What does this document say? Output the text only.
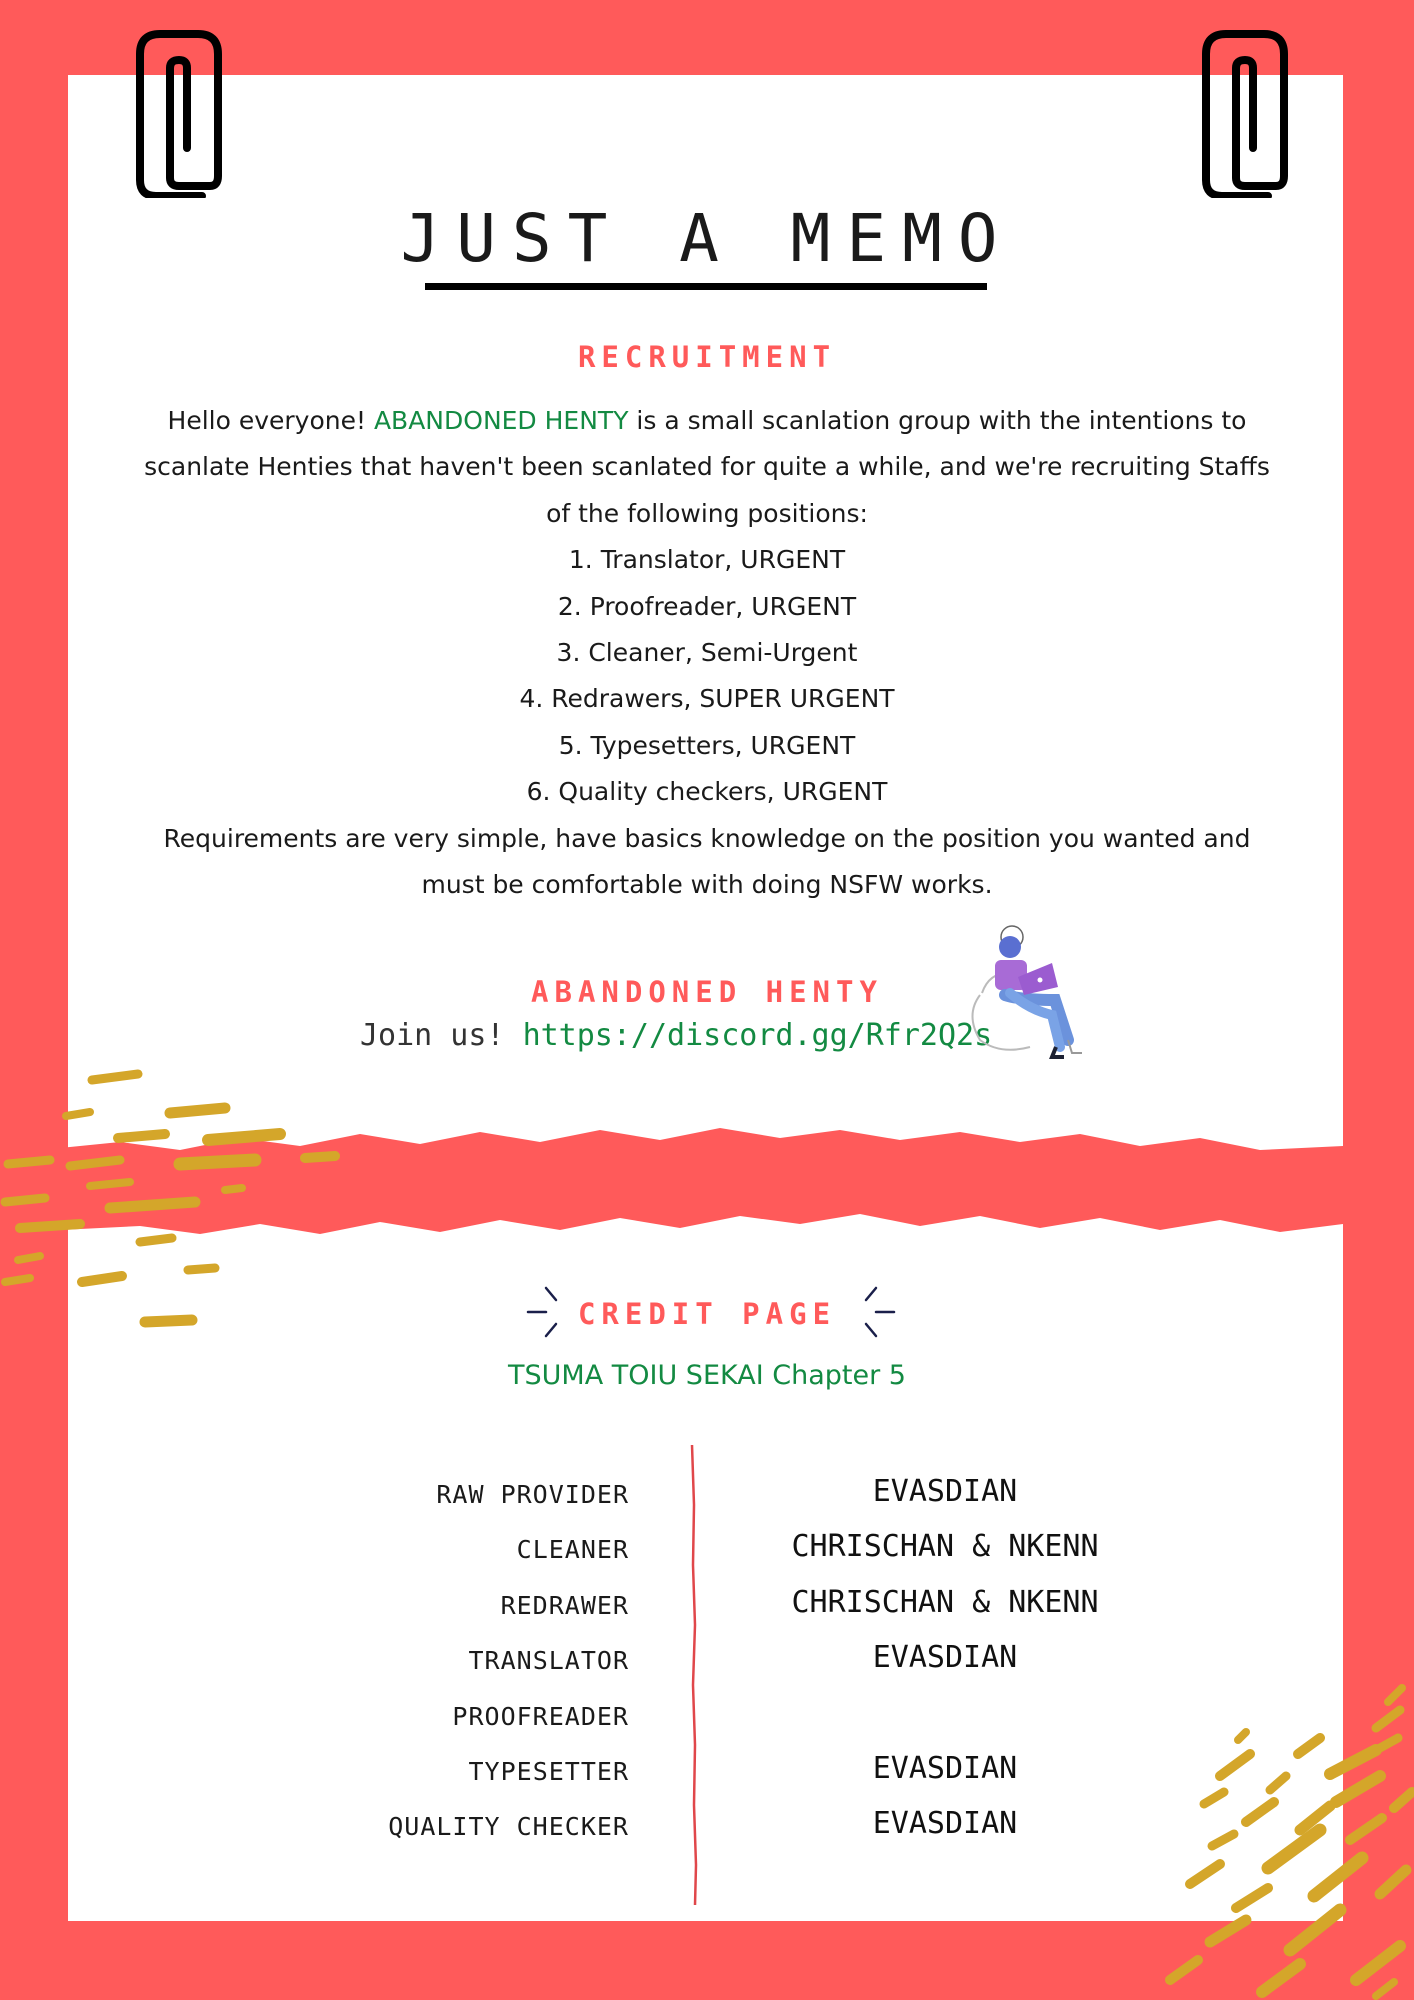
JUST A MEMO
RECRUITMENT
Hello everyone! ABANDONED HENTY is a small scanlation group with the intentions to scanlate Henties that haven't been scanlated for quite a while, and we're recruiting Staffs of the following positions:
1. Translator, URGENT
2. Proofreader, URGENT
3. Cleaner, Semi-Urgent
4. Redrawers, SUPER URGENT
5. Typesetters, URGENT
6. Quality checkers, URGENT
Requirements are very simple, have basics knowledge on the position you wanted and must be comfortable with doing NSFW works.
ABANDONED HENTY
Join us! https://discord.gg/Rfr2Q2s
CREDIT PAGE
TSUMA TOIU SEKAI Chapter 5
RAW PROVIDER	EVASDIAN
CLEANER	CHRISCHAN & NKENN
REDRAWER	CHRISCHAN & NKENN
TRANSLATOR	EVASDIAN
PROOFREADER
TYPESETTER	EVASDIAN
QUALITY CHECKER	EVASDIAN
